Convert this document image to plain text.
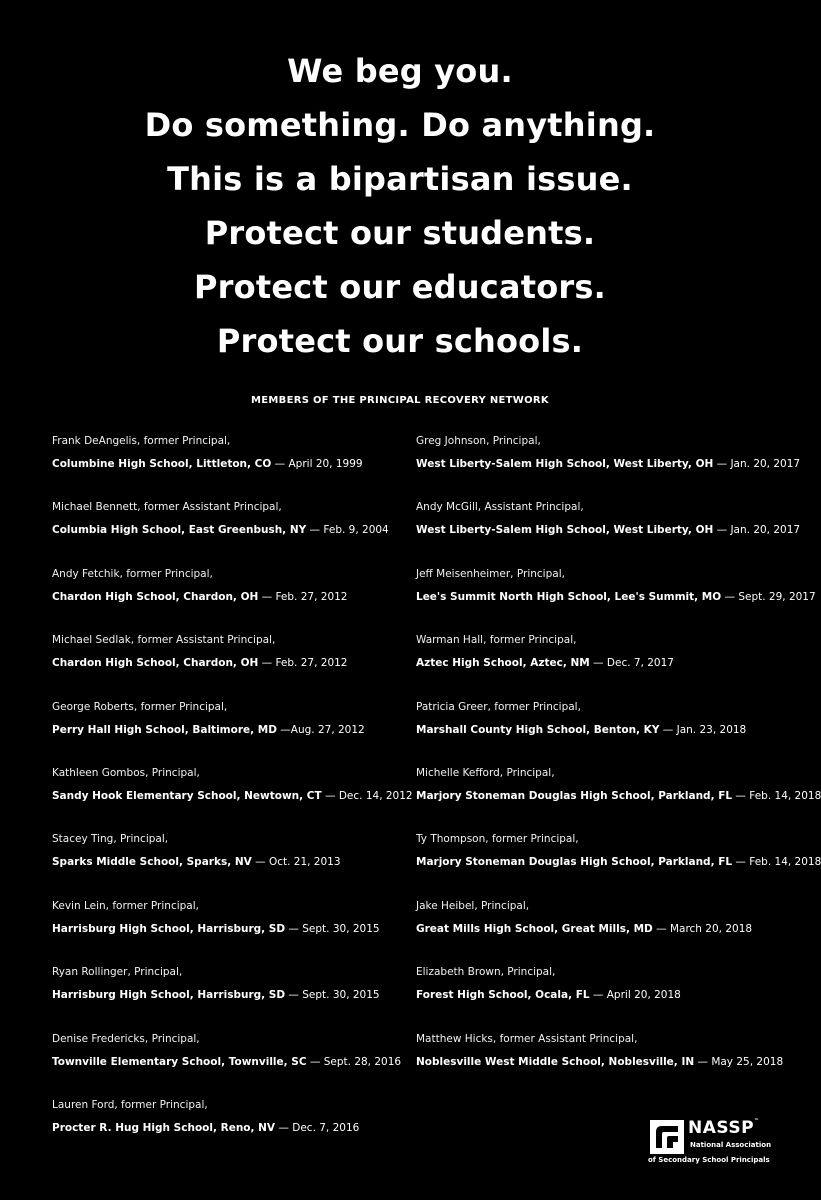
We beg you.
Do something. Do anything.
This is a bipartisan issue.
Protect our students.
Protect our educators.
Protect our schools.
MEMBERS OF THE PRINCIPAL RECOVERY NETWORK
Frank DeAngelis, former Principal,
Columbine High School, Littleton, CO — April 20, 1999
Michael Bennett, former Assistant Principal,
Columbia High School, East Greenbush, NY — Feb. 9, 2004
Andy Fetchik, former Principal,
Chardon High School, Chardon, OH — Feb. 27, 2012
Michael Sedlak, former Assistant Principal,
Chardon High School, Chardon, OH — Feb. 27, 2012
George Roberts, former Principal,
Perry Hall High School, Baltimore, MD —Aug. 27, 2012
Kathleen Gombos, Principal,
Sandy Hook Elementary School, Newtown, CT — Dec. 14, 2012
Stacey Ting, Principal,
Sparks Middle School, Sparks, NV — Oct. 21, 2013
Kevin Lein, former Principal,
Harrisburg High School, Harrisburg, SD — Sept. 30, 2015
Ryan Rollinger, Principal,
Harrisburg High School, Harrisburg, SD — Sept. 30, 2015
Denise Fredericks, Principal,
Townville Elementary School, Townville, SC — Sept. 28, 2016
Lauren Ford, former Principal,
Procter R. Hug High School, Reno, NV — Dec. 7, 2016
Greg Johnson, Principal,
West Liberty-Salem High School, West Liberty, OH — Jan. 20, 2017
Andy McGill, Assistant Principal,
West Liberty-Salem High School, West Liberty, OH — Jan. 20, 2017
Jeff Meisenheimer, Principal,
Lee's Summit North High School, Lee's Summit, MO — Sept. 29, 2017
Warman Hall, former Principal,
Aztec High School, Aztec, NM — Dec. 7, 2017
Patricia Greer, former Principal,
Marshall County High School, Benton, KY — Jan. 23, 2018
Michelle Kefford, Principal,
Marjory Stoneman Douglas High School, Parkland, FL — Feb. 14, 2018
Ty Thompson, former Principal,
Marjory Stoneman Douglas High School, Parkland, FL — Feb. 14, 2018
Jake Heibel, Principal,
Great Mills High School, Great Mills, MD — March 20, 2018
Elizabeth Brown, Principal,
Forest High School, Ocala, FL — April 20, 2018
Matthew Hicks, former Assistant Principal,
Noblesville West Middle School, Noblesville, IN — May 25, 2018
NASSP™
National Association
of Secondary School Principals
